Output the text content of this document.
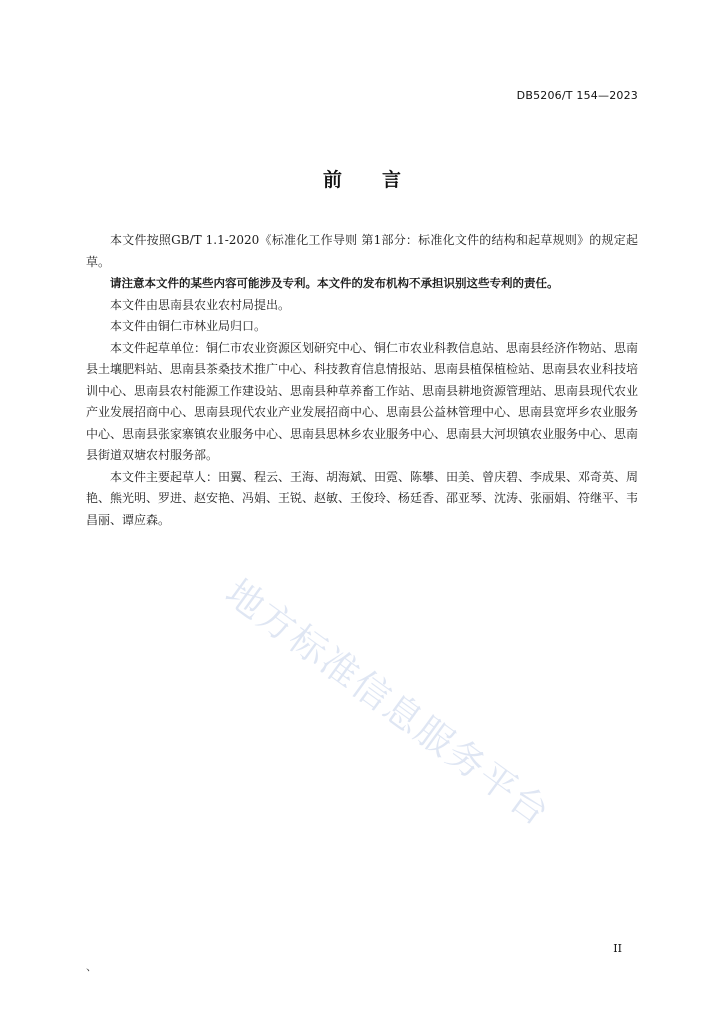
DB5206/T 154—2023
前言

本文件按照GB/T 1.1-2020《标准化工作导则 第1部分：标准化文件的结构和起草规则》的规定起草。

请注意本文件的某些内容可能涉及专利。本文件的发布机构不承担识别这些专利的责任。

本文件由思南县农业农村局提出。

本文件由铜仁市林业局归口。

本文件起草单位：铜仁市农业资源区划研究中心、铜仁市农业科教信息站、思南县经济作物站、思南县土壤肥料站、思南县茶桑技术推广中心、科技教育信息情报站、思南县植保植检站、思南县农业科技培训中心、思南县农村能源工作建设站、思南县种草养畜工作站、思南县耕地资源管理站、思南县现代农业产业发展招商中心、思南县现代农业产业发展招商中心、思南县公益林管理中心、思南县宽坪乡农业服务中心、思南县张家寨镇农业服务中心、思南县思林乡农业服务中心、思南县大河坝镇农业服务中心、思南县街道双塘农村服务部。

本文件主要起草人：田翼、程云、王海、胡海斌、田霓、陈攀、田美、曾庆碧、李成果、邓奇英、周艳、熊光明、罗进、赵安艳、冯娟、王锐、赵敏、王俊玲、杨廷香、邵亚琴、沈涛、张丽娟、符继平、韦昌丽、谭应森。

地方标准信息服务平台
II
、
